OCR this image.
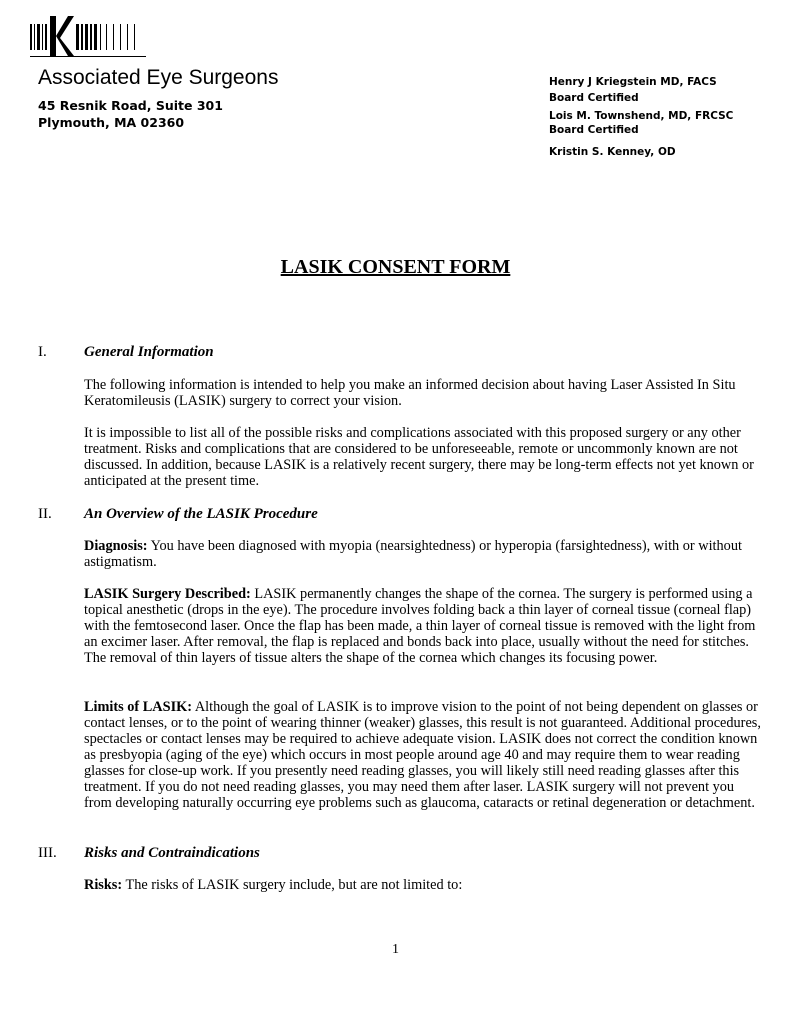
Associated Eye Surgeons
45 Resnik Road, Suite 301
Plymouth, MA 02360
Henry J Kriegstein MD, FACS
Board Certified
Lois M. Townshend, MD, FRCSC
Board Certified
Kristin S. Kenney, OD
LASIK CONSENT FORM
I. General Information

The following information is intended to help you make an informed decision about having Laser Assisted In Situ Keratomileusis (LASIK) surgery to correct your vision.

It is impossible to list all of the possible risks and complications associated with this proposed surgery or any other treatment. Risks and complications that are considered to be unforeseeable, remote or uncommonly known are not discussed. In addition, because LASIK is a relatively recent surgery, there may be long-term effects not yet known or anticipated at the present time.

II. An Overview of the LASIK Procedure

Diagnosis: You have been diagnosed with myopia (nearsightedness) or hyperopia (farsightedness), with or without astigmatism.

LASIK Surgery Described: LASIK permanently changes the shape of the cornea. The surgery is performed using a topical anesthetic (drops in the eye). The procedure involves folding back a thin layer of corneal tissue (corneal flap) with the femtosecond laser. Once the flap has been made, a thin layer of corneal tissue is removed with the light from an excimer laser. After removal, the flap is replaced and bonds back into place, usually without the need for stitches. The removal of thin layers of tissue alters the shape of the cornea which changes its focusing power.

Limits of LASIK: Although the goal of LASIK is to improve vision to the point of not being dependent on glasses or contact lenses, or to the point of wearing thinner (weaker) glasses, this result is not guaranteed. Additional procedures, spectacles or contact lenses may be required to achieve adequate vision. LASIK does not correct the condition known as presbyopia (aging of the eye) which occurs in most people around age 40 and may require them to wear reading glasses for close-up work. If you presently need reading glasses, you will likely still need reading glasses after this treatment. If you do not need reading glasses, you may need them after laser. LASIK surgery will not prevent you from developing naturally occurring eye problems such as glaucoma, cataracts or retinal degeneration or detachment.

III. Risks and Contraindications

Risks: The risks of LASIK surgery include, but are not limited to:

1
